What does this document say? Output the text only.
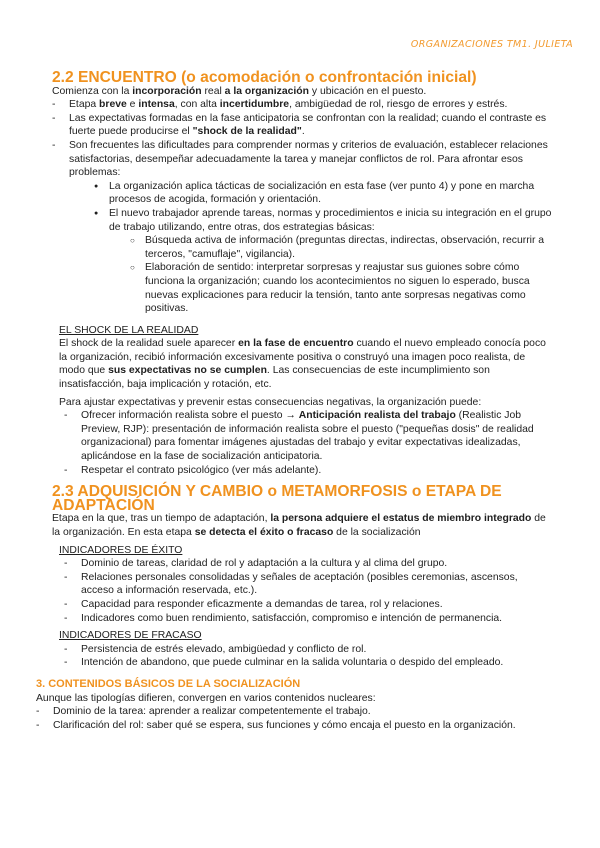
ORGANIZACIONES TM1. JULIETA
2.2 ENCUENTRO (o acomodación o confrontación inicial)

Comienza con la incorporación real a la organización y ubicación en el puesto.

- Etapa breve e intensa, con alta incertidumbre, ambigüedad de rol, riesgo de errores y estrés.
- Las expectativas formadas en la fase anticipatoria se confrontan con la realidad; cuando el contraste es fuerte puede producirse el "shock de la realidad".
- Son frecuentes las dificultades para comprender normas y criterios de evaluación, establecer relaciones satisfactorias, desempeñar adecuadamente la tarea y manejar conflictos de rol. Para afrontar esos problemas:
● La organización aplica tácticas de socialización en esta fase (ver punto 4) y pone en marcha procesos de acogida, formación y orientación.
● El nuevo trabajador aprende tareas, normas y procedimientos e inicia su integración en el grupo de trabajo utilizando, entre otras, dos estrategias básicas:
○ Búsqueda activa de información (preguntas directas, indirectas, observación, recurrir a terceros, "camuflaje", vigilancia).
○ Elaboración de sentido: interpretar sorpresas y reajustar sus guiones sobre cómo funciona la organización; cuando los acontecimientos no siguen lo esperado, busca nuevas explicaciones para reducir la tensión, tanto ante sorpresas negativas como positivas.

EL SHOCK DE LA REALIDAD

El shock de la realidad suele aparecer en la fase de encuentro cuando el nuevo empleado conocía poco la organización, recibió información excesivamente positiva o construyó una imagen poco realista, de modo que sus expectativas no se cumplen. Las consecuencias de este incumplimiento son insatisfacción, baja implicación y rotación, etc.

Para ajustar expectativas y prevenir estas consecuencias negativas, la organización puede:

- Ofrecer información realista sobre el puesto → Anticipación realista del trabajo (Realistic Job Preview, RJP): presentación de información realista sobre el puesto ("pequeñas dosis" de realidad organizacional) para fomentar imágenes ajustadas del trabajo y evitar expectativas idealizadas, aplicándose en la fase de socialización anticipatoria.
- Respetar el contrato psicológico (ver más adelante).
2.3 ADQUISICIÓN Y CAMBIO o METAMORFOSIS o ETAPA DE ADAPTACIÓN

Etapa en la que, tras un tiempo de adaptación, la persona adquiere el estatus de miembro integrado de la organización. En esta etapa se detecta el éxito o fracaso de la socialización

INDICADORES DE ÉXITO

- Dominio de tareas, claridad de rol y adaptación a la cultura y al clima del grupo.
- Relaciones personales consolidadas y señales de aceptación (posibles ceremonias, ascensos, acceso a información reservada, etc.).
- Capacidad para responder eficazmente a demandas de tarea, rol y relaciones.
- Indicadores como buen rendimiento, satisfacción, compromiso e intención de permanencia.

INDICADORES DE FRACASO

- Persistencia de estrés elevado, ambigüedad y conflicto de rol.
- Intención de abandono, que puede culminar en la salida voluntaria o despido del empleado.
3. CONTENIDOS BÁSICOS DE LA SOCIALIZACIÓN

Aunque las tipologías difieren, convergen en varios contenidos nucleares:

- Dominio de la tarea: aprender a realizar competentemente el trabajo.
- Clarificación del rol: saber qué se espera, sus funciones y cómo encaja el puesto en la organización.
